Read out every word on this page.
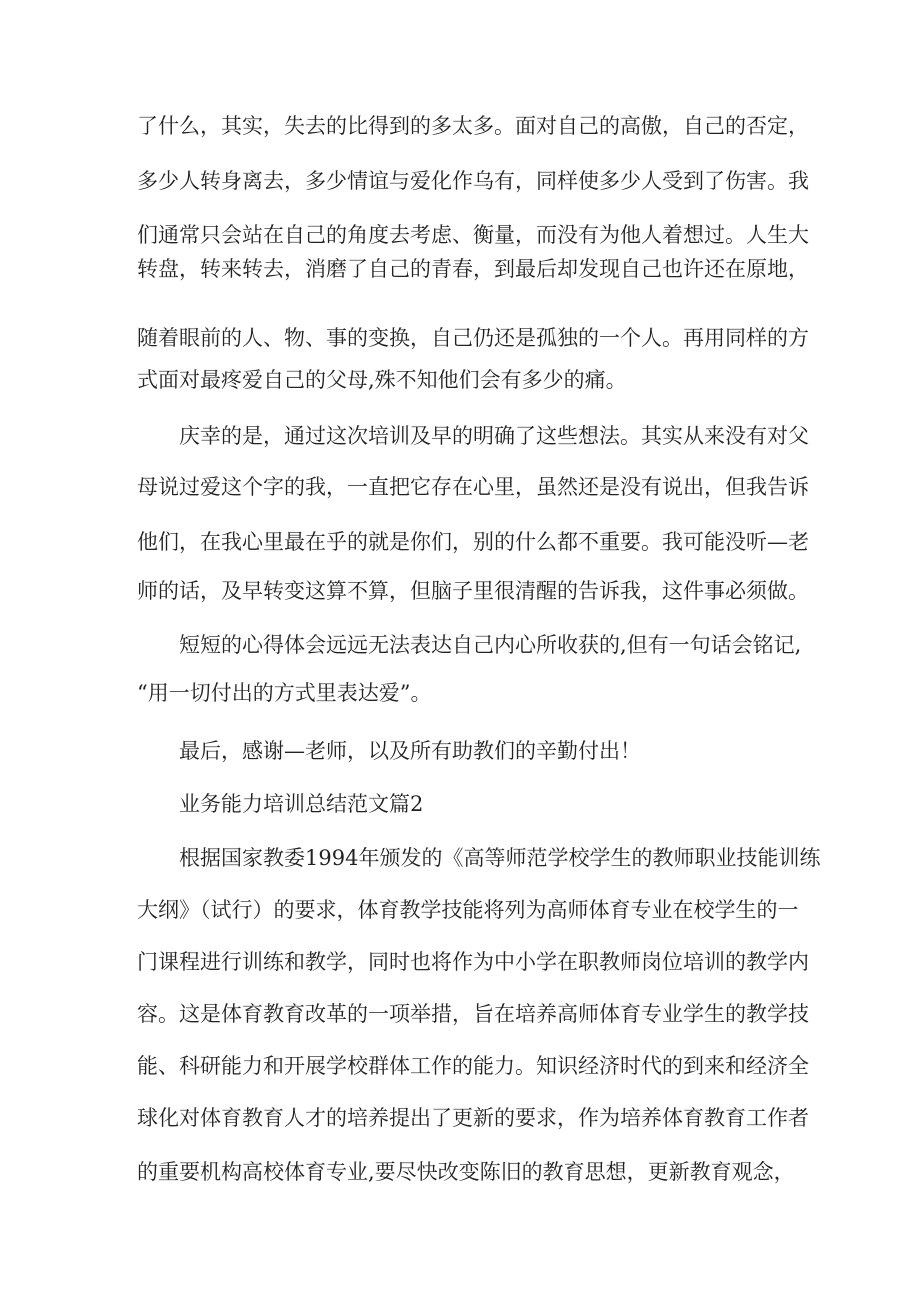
了什么，其实，失去的比得到的多太多。面对自己的高傲，自己的否定，
多少人转身离去，多少情谊与爱化作乌有，同样使多少人受到了伤害。我
们通常只会站在自己的角度去考虑、衡量，而没有为他人着想过。人生大
转盘，转来转去，消磨了自己的青春，到最后却发现自己也许还在原地，
随着眼前的人、物、事的变换，自己仍还是孤独的一个人。再用同样的方
式面对最疼爱自己的父母,殊不知他们会有多少的痛。
庆幸的是，通过这次培训及早的明确了这些想法。其实从来没有对父
母说过爱这个字的我，一直把它存在心里，虽然还是没有说出，但我告诉
他们，在我心里最在乎的就是你们，别的什么都不重要。我可能没听—老
师的话，及早转变这算不算，但脑子里很清醒的告诉我，这件事必须做。
短短的心得体会远远无法表达自己内心所收获的,但有一句话会铭记,
“用一切付出的方式里表达爱”。
最后，感谢—老师，以及所有助教们的辛勤付出！
业务能力培训总结范文篇2
根据国家教委1994年颁发的《高等师范学校学生的教师职业技能训练
大纲》（试行）的要求，体育教学技能将列为高师体育专业在校学生的一
门课程进行训练和教学，同时也将作为中小学在职教师岗位培训的教学内
容。这是体育教育改革的一项举措，旨在培养高师体育专业学生的教学技
能、科研能力和开展学校群体工作的能力。知识经济时代的到来和经济全
球化对体育教育人才的培养提出了更新的要求，作为培养体育教育工作者
的重要机构高校体育专业,要尽快改变陈旧的教育思想，更新教育观念，
